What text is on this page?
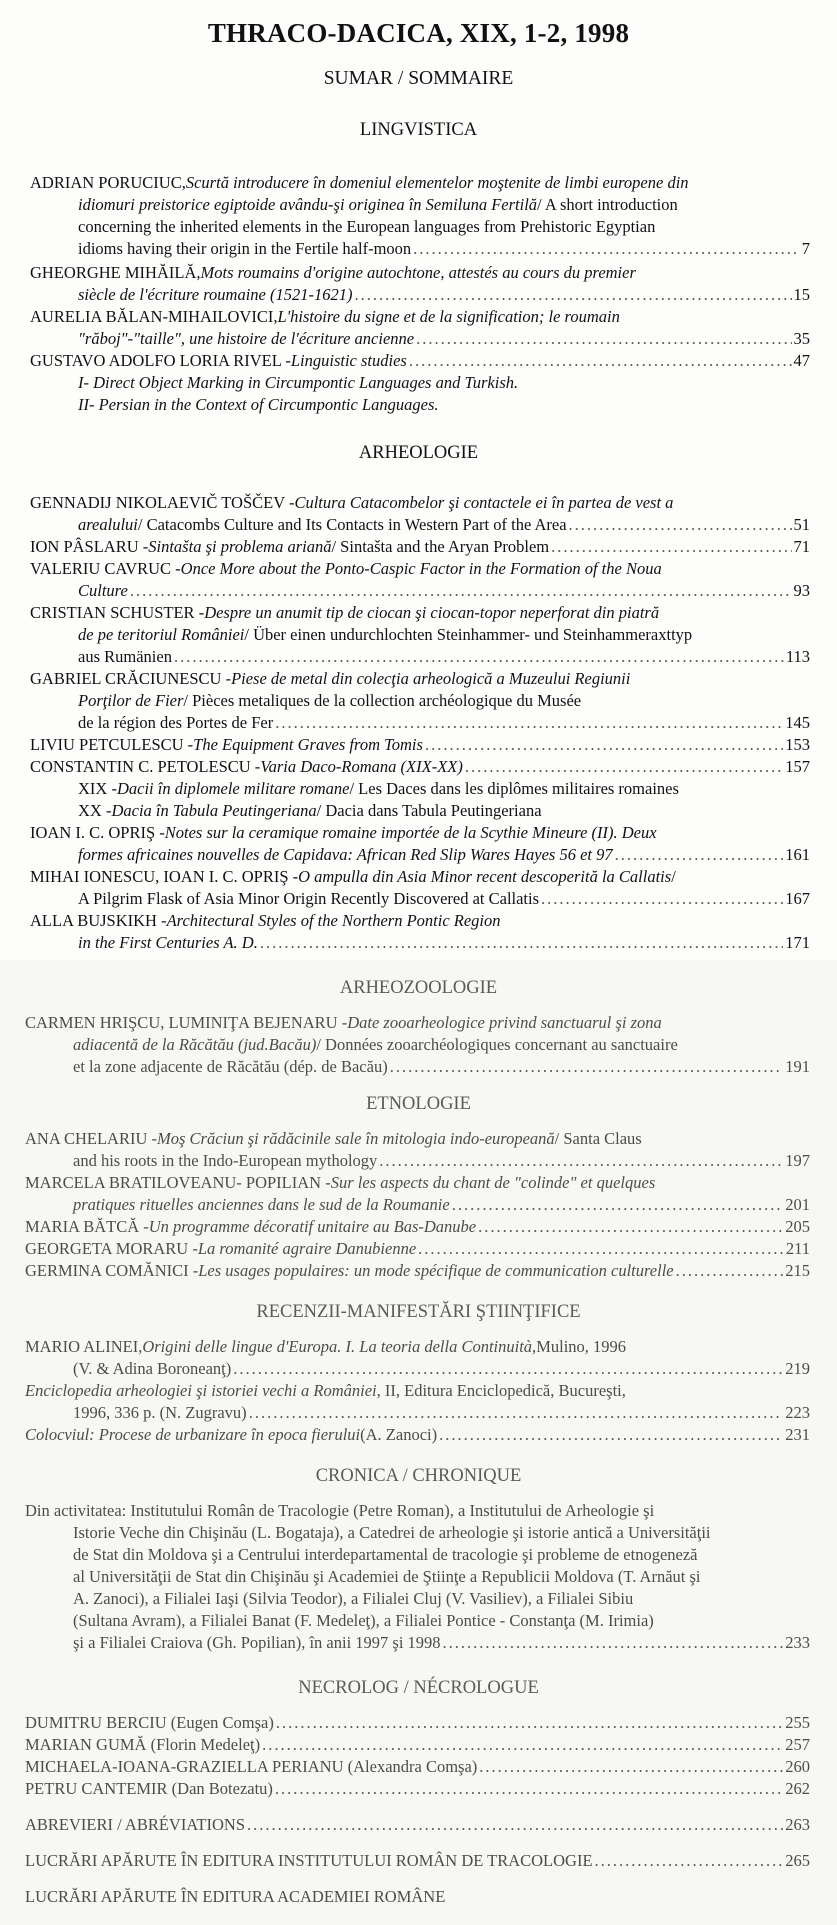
THRACO-DACICA, XIX, 1-2, 1998
SUMAR / SOMMAIRE
LINGVISTICA
ADRIAN PORUCIUC, Scurtă introducere în domeniul elementelor moştenite de limbi europene din
idiomuri preistorice egiptoide avându-şi originea în Semiluna Fertilă / A short introduction
concerning the inherited elements in the European languages from Prehistoric Egyptian
idioms having their origin in the Fertile half-moon .....	7
GHEORGHE MIHĂILĂ, Mots roumains d'origine autochtone, attestés au cours du premier
siècle de l'écriture roumaine (1521-1621) .....	15
AURELIA BĂLAN-MIHAILOVICI, L'histoire du signe et de la signification; le roumain
"răboj"-"taille", une histoire de l'écriture ancienne .....	35
GUSTAVO ADOLFO LORIA RIVEL - Linguistic studies .....	47
I- Direct Object Marking in Circumpontic Languages and Turkish.
II- Persian in the Context of Circumpontic Languages.
ARHEOLOGIE
GENNADIJ NIKOLAEVIČ TOŠČEV - Cultura Catacombelor şi contactele ei în partea de vest a
arealului / Catacombs Culture and Its Contacts in Western Part of the Area .....	51
ION PÂSLARU - Sintašta şi problema ariană / Sintašta and the Aryan Problem .....	71
VALERIU CAVRUC - Once More about the Ponto-Caspic Factor in the Formation of the Noua
Culture .....	93
CRISTIAN SCHUSTER - Despre un anumit tip de ciocan şi ciocan-topor neperforat din piatră
de pe teritoriul României / Über einen undurchlochten Steinhammer- und Steinhammeraxttyp
aus Rumänien .....	113
GABRIEL CRĂCIUNESCU - Piese de metal din colecţia arheologică a Muzeului Regiunii
Porţilor de Fier / Pièces metaliques de la collection archéologique du Musée
de la région des Portes de Fer .....	145
LIVIU PETCULESCU - The Equipment Graves from Tomis .....	153
CONSTANTIN C. PETOLESCU - Varia Daco-Romana (XIX-XX) .....	157
XIX - Dacii în diplomele militare romane / Les Daces dans les diplômes militaires romaines
XX - Dacia în Tabula Peutingeriana / Dacia dans Tabula Peutingeriana
IOAN I. C. OPRIŞ - Notes sur la ceramique romaine importée de la Scythie Mineure (II). Deux
formes africaines nouvelles de Capidava: African Red Slip Wares Hayes 56 et 97 .....	161
MIHAI IONESCU, IOAN I. C. OPRIŞ - O ampulla din Asia Minor recent descoperită la Callatis /
A Pilgrim Flask of Asia Minor Origin Recently Discovered at Callatis .....	167
ALLA BUJSKIKH - Architectural Styles of the Northern Pontic Region
in the First Centuries A. D. .....	171
ARHEOZOOLOGIE
CARMEN HRIŞCU, LUMINIŢA BEJENARU - Date zooarheologice privind sanctuarul şi zona
adiacentă de la Răcătău (jud.Bacău) / Données zooarchéologiques concernant au sanctuaire
et la zone adjacente de Răcătău (dép. de Bacău) .....	191
ETNOLOGIE
ANA CHELARIU - Moş Crăciun şi rădăcinile sale în mitologia indo-europeană / Santa Claus
and his roots in the Indo-European mythology .....	197
MARCELA BRATILOVEANU- POPILIAN - Sur les aspects du chant de "colinde" et quelques
pratiques rituelles anciennes dans le sud de la Roumanie .....	201
MARIA BĂTCĂ - Un programme décoratif unitaire au Bas-Danube .....	205
GEORGETA MORARU - La romanité agraire Danubienne .....	211
GERMINA COMĂNICI - Les usages populaires: un mode spécifique de communication culturelle .....	215
RECENZII-MANIFESTĂRI ŞTIINŢIFICE
MARIO ALINEI, Origini delle lingue d'Europa. I. La teoria della Continuità, Mulino, 1996
(V. & Adina Boronean⁠ţ) .....	219
Enciclopedia arheologiei şi istoriei vechi a României , II, Editura Enciclopedică, Bucureşti,
1996, 336 p. (N. Zugravu) .....	223
Colocviul: Procese de urbanizare în epoca fierului (A. Zanoci) .....	231
CRONICA / CHRONIQUE
Din activitatea: Institutului Român de Tracologie (Petre Roman), a Institutului de Arheologie şi
Istorie Veche din Chişinău (L. Bogataja), a Catedrei de arheologie şi istorie antică a Universităţii
de Stat din Moldova şi a Centrului interdepartamental de tracologie şi probleme de etnogeneză
al Universităţii de Stat din Chişinău şi Academiei de Ştiinţe a Republicii Moldova (T. Arnăut şi
A. Zanoci), a Filialei Iaşi (Silvia Teodor), a Filialei Cluj (V. Vasiliev), a Filialei Sibiu
(Sultana Avram), a Filialei Banat (F. Medeleţ), a Filialei Pontice - Constanţa (M. Irimia)
şi a Filialei Craiova (Gh. Popilian), în anii 1997 şi 1998 .....	233
NECROLOG / NÉCROLOGUE
DUMITRU BERCIU (Eugen Comşa) .....	255
MARIAN GUMĂ (Florin Medeleţ) .....	257
MICHAELA-IOANA-GRAZIELLA PERIANU (Alexandra Comşa) .....	260
PETRU CANTEMIR (Dan Botezatu) .....	262
ABREVIERI / ABRÉVIATIONS .....	263
LUCRĂRI APĂRUTE ÎN EDITURA INSTITUTULUI ROMÂN DE TRACOLOGIE .....	265
LUCRĂRI APĂRUTE ÎN EDITURA ACADEMIEI ROMÂNE
